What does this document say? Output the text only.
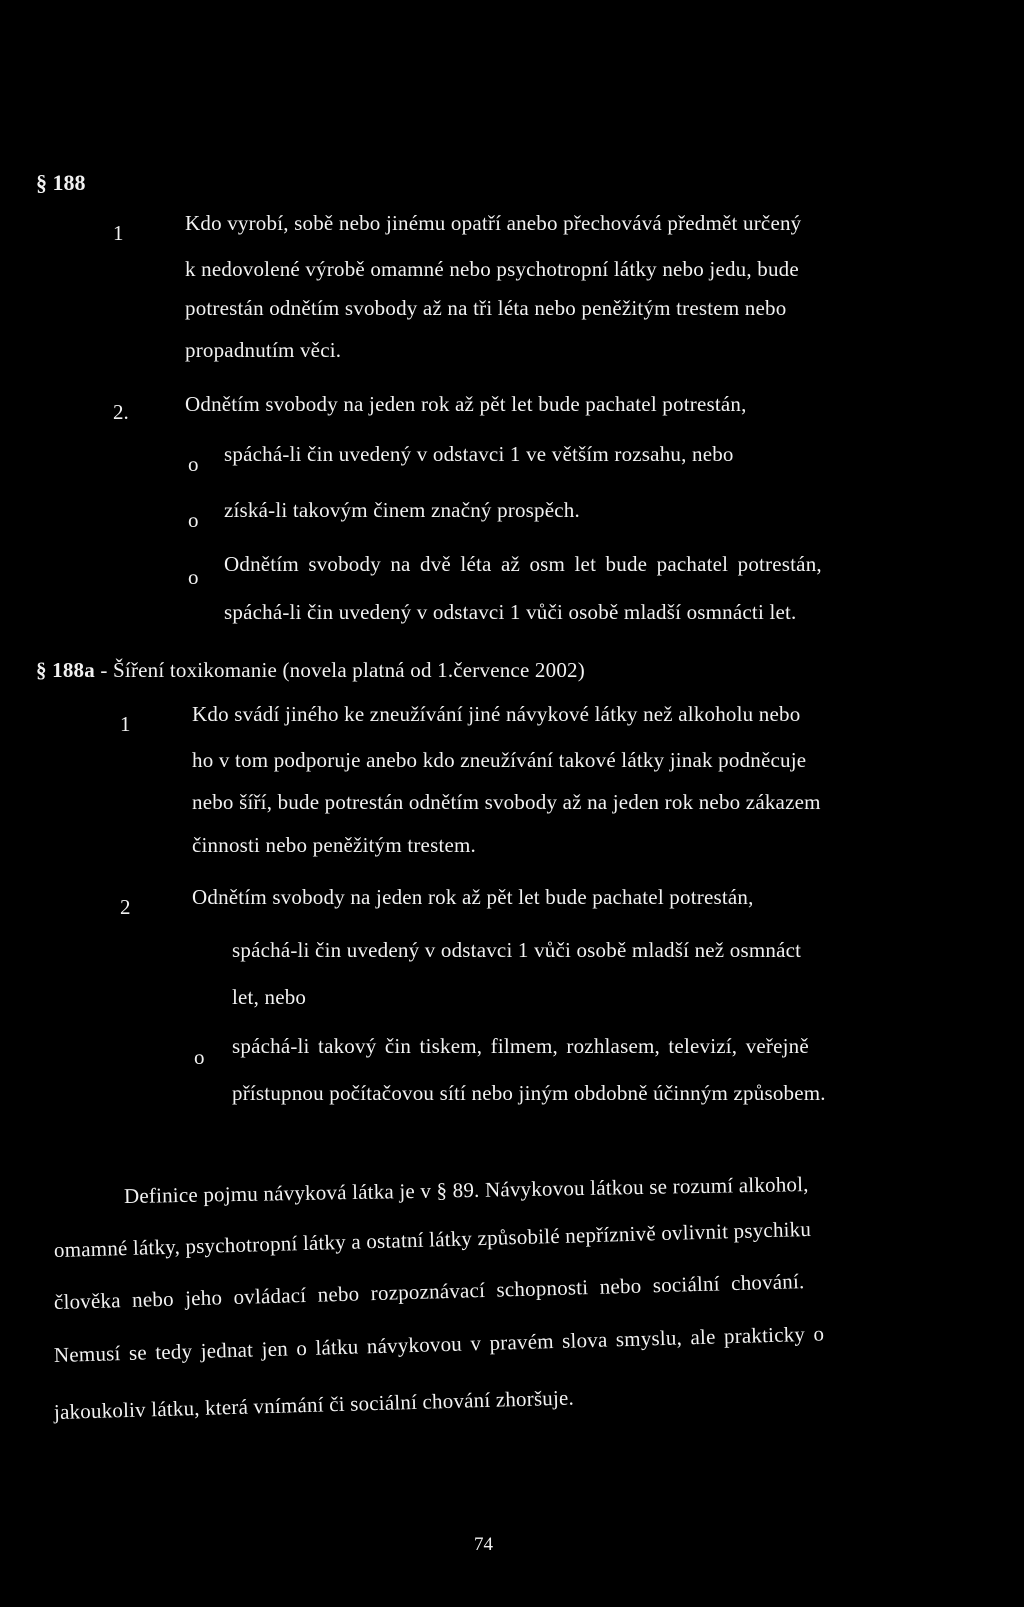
§ 188
1	Kdo vyrobí, sobě nebo jinému opatří anebo přechovává předmět určený
k nedovolené výrobě omamné nebo psychotropní látky nebo jedu, bude
potrestán odnětím svobody až na tři léta nebo peněžitým trestem nebo
propadnutím věci.
2.	Odnětím svobody na jeden rok až pět let bude pachatel potrestán,
o spáchá-li čin uvedený v odstavci 1 ve větším rozsahu, nebo
o získá-li takovým činem značný prospěch.
o
Odnětím svobody na dvě léta až osm let bude pachatel potrestán,
spáchá-li čin uvedený v odstavci 1 vůči osobě mladší osmnácti let.
§ 188a - Šíření toxikomanie (novela platná od 1.července 2002)
1	Kdo svádí jiného ke zneužívání jiné návykové látky než alkoholu nebo
ho v tom podporuje anebo kdo zneužívání takové látky jinak podněcuje
nebo šíří, bude potrestán odnětím svobody až na jeden rok nebo zákazem
činnosti nebo peněžitým trestem.
2	Odnětím svobody na jeden rok až pět let bude pachatel potrestán,
spáchá-li čin uvedený v odstavci 1 vůči osobě mladší než osmnáct
let, nebo
o spáchá-li takový čin tiskem, filmem, rozhlasem, televizí, veřejně
přístupnou počítačovou sítí nebo jiným obdobně účinným způsobem.
Definice pojmu návyková látka je v § 89. Návykovou látkou se rozumí alkohol,
omamné látky, psychotropní látky a ostatní látky způsobilé nepříznivě ovlivnit psychiku
člověka nebo jeho ovládací nebo rozpoznávací schopnosti nebo sociální chování.
Nemusí se tedy jednat jen o látku návykovou v pravém slova smyslu, ale prakticky o
jakoukoliv látku, která vnímání či sociální chování zhoršuje.
74
